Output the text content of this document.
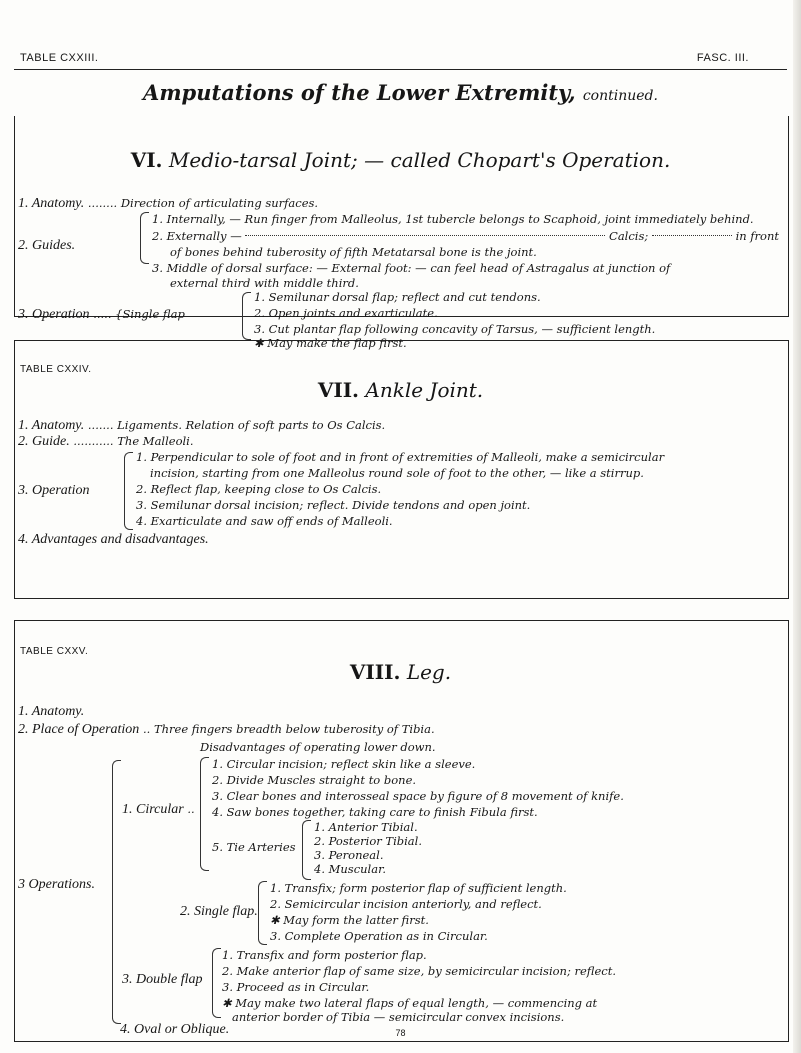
TABLE CXXIII.	FASC. III.
Amputations of the Lower Extremity, continued.
VI. Medio-tarsal Joint; — called Chopart's Operation.
1. Anatomy. ........ Direction of articulating surfaces.
2. Guides.
1. Internally, — Run finger from Malleolus, 1st tubercle belongs to Scaphoid, joint immediately behind.
2. Externally —	Calcis;	in front
of bones behind tuberosity of fifth Metatarsal bone is the joint.
3. Middle of dorsal surface: — External foot: — can feel head of Astragalus at junction of
external third with middle third.
3. Operation ..... {Single flap
1. Semilunar dorsal flap; reflect and cut tendons.
2. Open joints and exarticulate.
3. Cut plantar flap following concavity of Tarsus, — sufficient length.
✱ May make the flap first.
TABLE CXXIV.
VII. Ankle Joint.
1. Anatomy. ....... Ligaments. Relation of soft parts to Os Calcis.
2. Guide. ........... The Malleoli.
3. Operation
1. Perpendicular to sole of foot and in front of extremities of Malleoli, make a semicircular
incision, starting from one Malleolus round sole of foot to the other, — like a stirrup.
2. Reflect flap, keeping close to Os Calcis.
3. Semilunar dorsal incision; reflect. Divide tendons and open joint.
4. Exarticulate and saw off ends of Malleoli.
4. Advantages and disadvantages.
TABLE CXXV.
VIII. Leg.
1. Anatomy.
2. Place of Operation .. Three fingers breadth below tuberosity of Tibia.
Disadvantages of operating lower down.
3 Operations.
1. Circular ..
1. Circular incision; reflect skin like a sleeve.
2. Divide Muscles straight to bone.
3. Clear bones and interosseal space by figure of 8 movement of knife.
4. Saw bones together, taking care to finish Fibula first.
5. Tie Arteries
1. Anterior Tibial.
2. Posterior Tibial.
3. Peroneal.
4. Muscular.
2. Single flap.
1. Transfix; form posterior flap of sufficient length.
2. Semicircular incision anteriorly, and reflect.
✱ May form the latter first.
3. Complete Operation as in Circular.
3. Double flap
1. Transfix and form posterior flap.
2. Make anterior flap of same size, by semicircular incision; reflect.
3. Proceed as in Circular.
✱ May make two lateral flaps of equal length, — commencing at
anterior border of Tibia — semicircular convex incisions.
4. Oval or Oblique.	78
